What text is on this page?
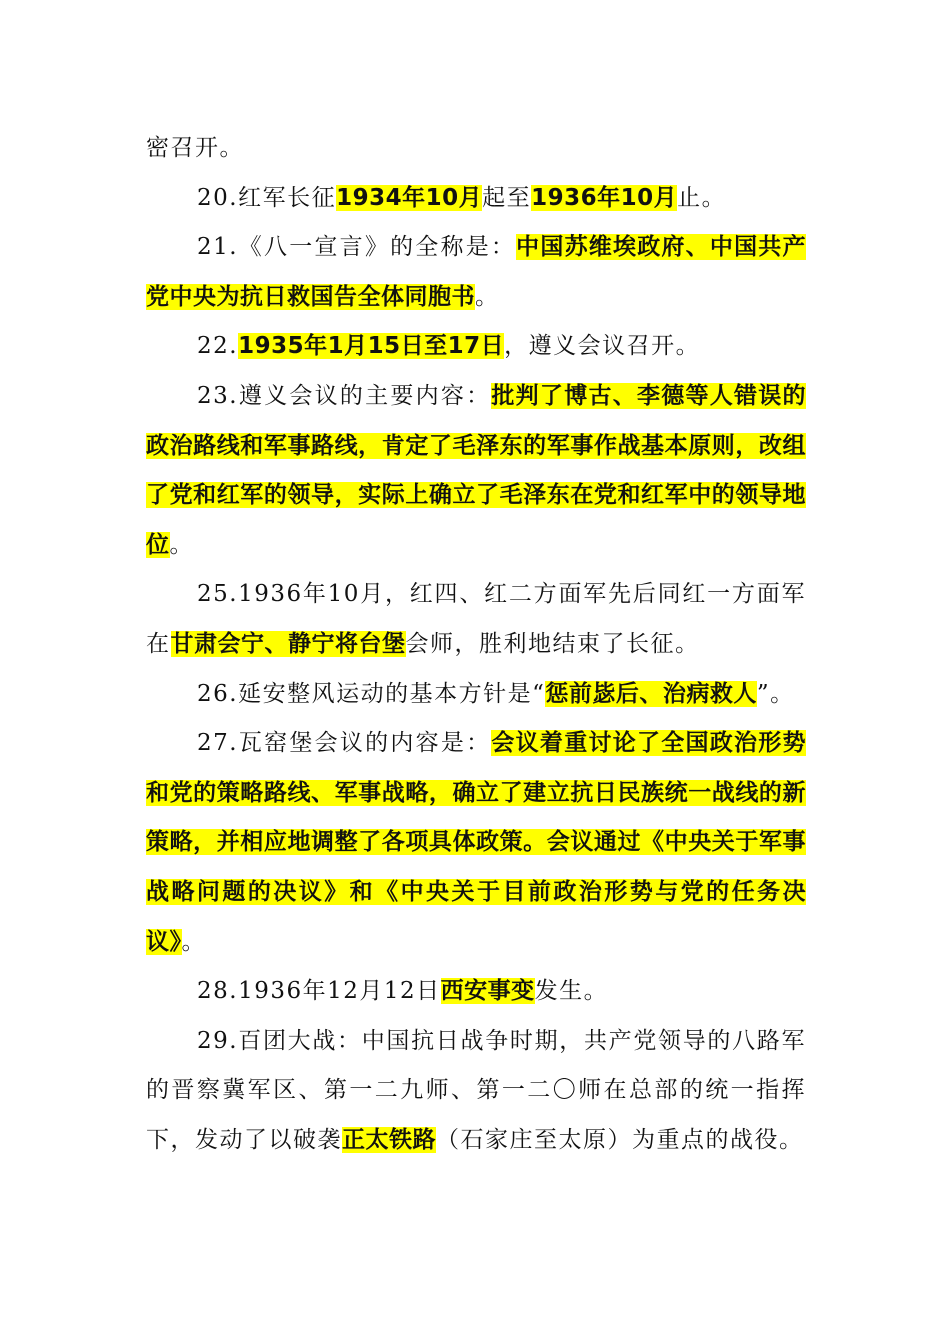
密召开。

20.红军长征1934年10月起至1936年10月止。

21.《八一宣言》的全称是：中国苏维埃政府、中国共产党中央为抗日救国告全体同胞书。

22.1935年1月15日至17日，遵义会议召开。

23.遵义会议的主要内容：批判了博古、李德等人错误的政治路线和军事路线，肯定了毛泽东的军事作战基本原则，改组了党和红军的领导，实际上确立了毛泽东在党和红军中的领导地位。

25.1936年10月，红四、红二方面军先后同红一方面军在甘肃会宁、静宁将台堡会师，胜利地结束了长征。

26.延安整风运动的基本方针是“惩前毖后、治病救人”。

27.瓦窑堡会议的内容是：会议着重讨论了全国政治形势和党的策略路线、军事战略，确立了建立抗日民族统一战线的新策略，并相应地调整了各项具体政策。会议通过《中央关于军事战略问题的决议》和《中央关于目前政治形势与党的任务决议》。

28.1936年12月12日西安事变发生。

29.百团大战：中国抗日战争时期，共产党领导的八路军的晋察冀军区、第一二九师、第一二〇师在总部的统一指挥下，发动了以破袭正太铁路（石家庄至太原）为重点的战役。
